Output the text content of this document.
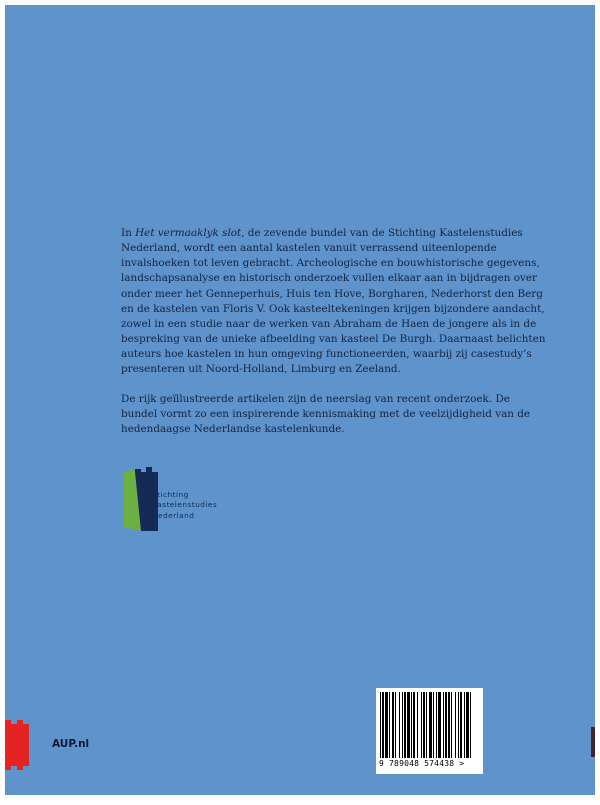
In Het vermaaklyk slot, de zevende bundel van de Stichting Kastelenstudies
Nederland, wordt een aantal kastelen vanuit verrassend uiteenlopende
invalshoeken tot leven gebracht. Archeologische en bouwhistorische gegevens,
landschapsanalyse en historisch onderzoek vullen elkaar aan in bijdragen over
onder meer het Genneperhuis, Huis ten Hove, Borgharen, Nederhorst den Berg
en de kastelen van Floris V. Ook kasteeltekeningen krijgen bijzondere aandacht,
zowel in een studie naar de werken van Abraham de Haen de jongere als in de
bespreking van de unieke afbeelding van kasteel De Burgh. Daarnaast belichten
auteurs hoe kastelen in hun omgeving functioneerden, waarbij zij casestudy’s
presenteren uit Noord-Holland, Limburg en Zeeland.

De rijk geïllustreerde artikelen zijn de neerslag van recent onderzoek. De
bundel vormt zo een inspirerende kennismaking met de veelzijdigheid van de
hedendaagse Nederlandse kastelenkunde.

Stichting
Kastelenstudies
Nederland
AUP.nl
9 789048 574438 >
